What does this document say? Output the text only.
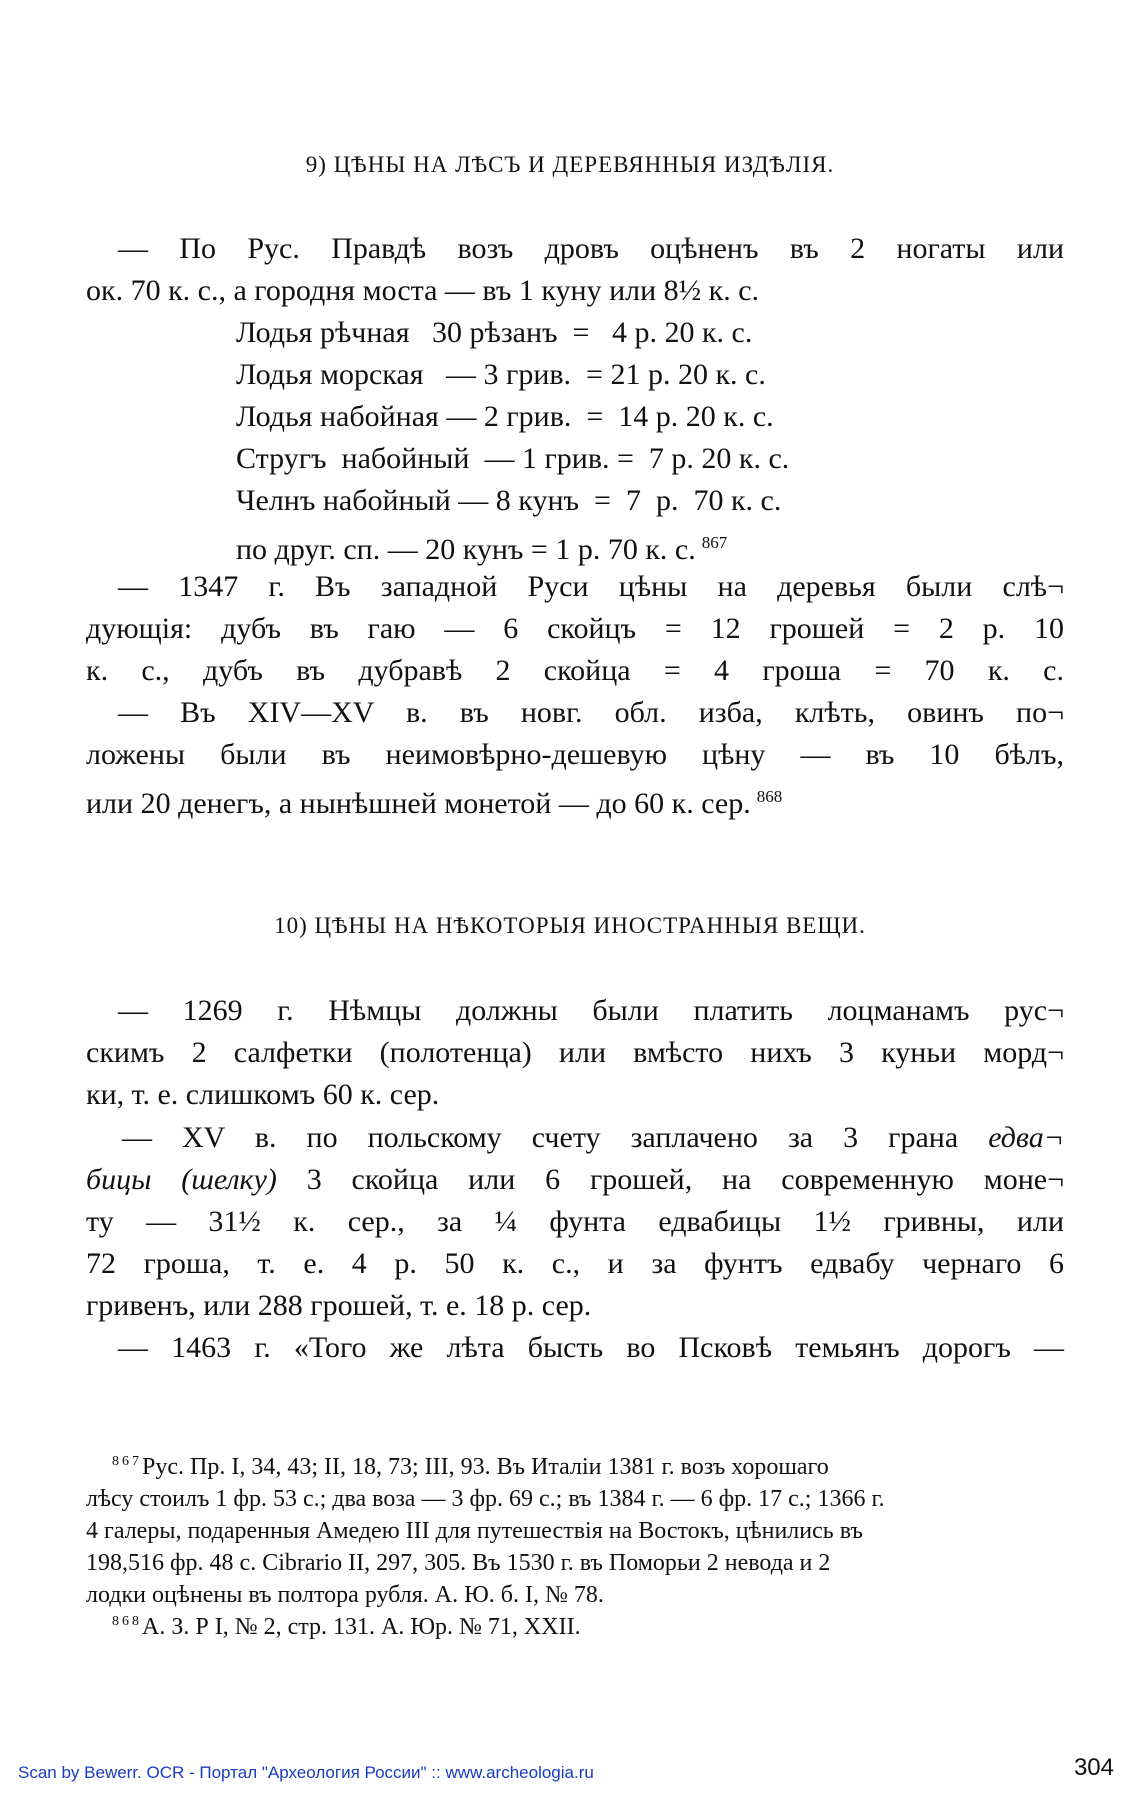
9) ЦѢНЫ НА ЛѢСЪ И ДЕРЕВЯННЫЯ ИЗДѢЛІЯ.
— По Рус. Правдѣ возъ дровъ оцѣненъ въ 2 ногаты или
ок. 70 к. с., а городня моста — въ 1 куну или 8½ к. с.
Лодья рѣчная   30 рѣзанъ  =   4 р. 20 к. с.
Лодья морская   — 3 грив.  = 21 р. 20 к. с.
Лодья набойная — 2 грив.  =  14 р. 20 к. с.
Стругъ  набойный  — 1 грив. =  7 р. 20 к. с.
Челнъ набойный — 8 кунъ  =  7  р.  70 к. с.
по друг. сп. — 20 кунъ = 1 р. 70 к. с. $^{867}$
— 1347 г. Въ западной Руси цѣны на деревья были слѣ¬
дующія: дубъ въ гаю — 6 скойцъ = 12 грошей = 2 р. 10
к. с., дубъ въ дубравѣ 2 скойца = 4 гроша = 70 к. с.
— Въ XIV—XV в. въ новг. обл. изба, клѣть, овинъ по¬
ложены были въ неимовѣрно-дешевую цѣну — въ 10 бѣлъ,
или 20 денегъ, а нынѣшней монетой — до 60 к. сер. $^{868}$
10) ЦѢНЫ НА НѢКОТОРЫЯ ИНОСТРАННЫЯ ВЕЩИ.
— 1269 г. Нѣмцы должны были платить лоцманамъ рус¬
скимъ 2 салфетки (полотенца) или вмѣсто нихъ 3 куньи морд¬
ки, т. е. слишкомъ 60 к. сер.
— XV в. по польскому счету заплачено за 3 грана едва¬
бицы (шелку) 3 скойца или 6 грошей, на современную моне¬
ту — 31½ к. сер., за ¼ фунта едвабицы 1½ гривны, или
72 гроша, т. е. 4 р. 50 к. с., и за фунтъ едвабу чернаго 6
гривенъ, или 288 грошей, т. е. 18 р. сер.
— 1463 г. «Того же лѣта бысть во Псковѣ темьянъ дорогъ —
$^{867}$Рус. Пр. I, 34, 43; II, 18, 73; III, 93. Въ Италіи 1381 г. возъ хорошаго
лѣсу стоилъ 1 фр. 53 с.; два воза — 3 фр. 69 с.; въ 1384 г. — 6 фр. 17 с.; 1366 г.
4 галеры, подаренныя Амедею III для путешествія на Востокъ, цѣнились въ
198,516 фр. 48 с. Cibrario II, 297, 305. Въ 1530 г. въ Поморьи 2 невода и 2
лодки оцѣнены въ полтора рубля. А. Ю. б. I, № 78.
$^{868}$А. З. Р I, № 2, стр. 131. А. Юр. № 71, XXII.
Scan by Bewerr. OCR - Портал "Археология России" :: www.archeologia.ru	304
